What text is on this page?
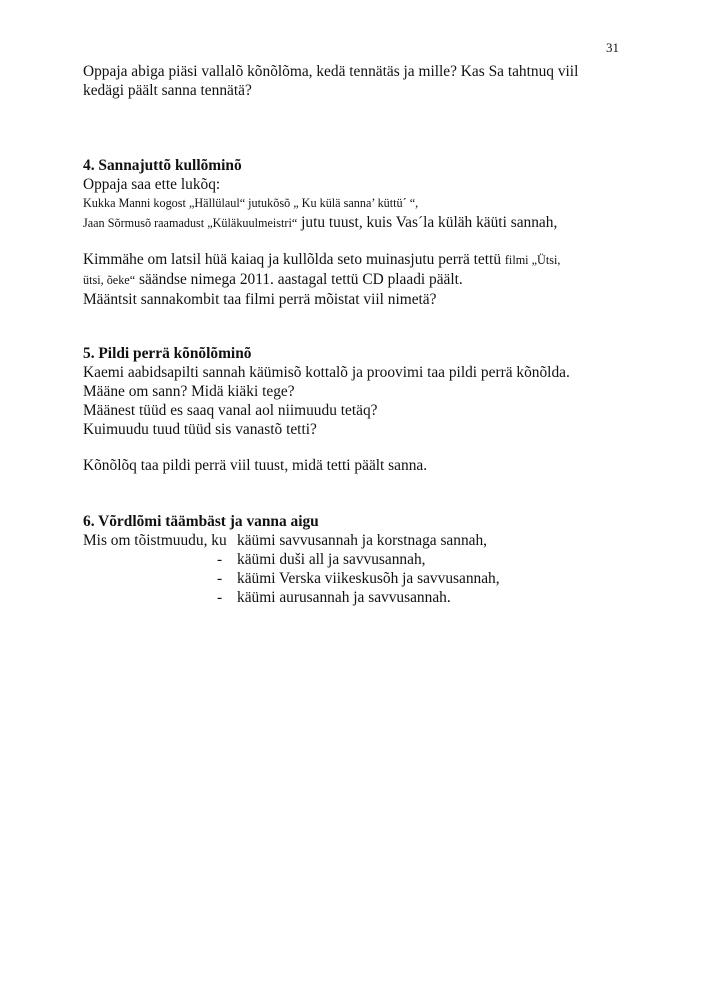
31

Oppaja abiga piäsi vallalõ kõnõlõma, kedä tennätäs ja mille? Kas Sa tahtnuq viil

kedägi päält sanna tennätä?

4. Sannajuttõ kullõminõ

Oppaja saa ette lukõq:

Kukka Manni kogost „Hällülaul“ jutukõsõ „ Ku külä sanna’ küttü´ “,

Jaan Sõrmusõ raamadust „Küläkuulmeistri“ jutu tuust, kuis Vas´la küläh käüti sannah,

Kimmähe om latsil hüä kaiaq ja kullõlda seto muinasjutu perrä tettü filmi „Ütsi,

ütsi, õeke“ säändse nimega 2011. aastagal tettü CD plaadi päält.

Määntsit sannakombit taa filmi perrä mõistat viil nimetä?

5. Pildi perrä kõnõlõminõ

Kaemi aabidsapilti sannah käümisõ kottalõ ja proovimi taa pildi perrä kõnõlda.

Määne om sann? Midä kiäki tege?

Määnest tüüd es saaq vanal aol niimuudu tetäq?

Kuimuudu tuud tüüd sis vanastõ tetti?

Kõnõlõq taa pildi perrä viil tuust, midä tetti päält sanna.

6. Võrdlõmi täämbäst ja vanna aigu

Mis om tõistmuudu, ku käümi savvusannah ja korstnaga sannah,
- käümi duši all ja savvusannah,
- käümi Verska viikeskusõh ja savvusannah,
- käümi aurusannah ja savvusannah.
